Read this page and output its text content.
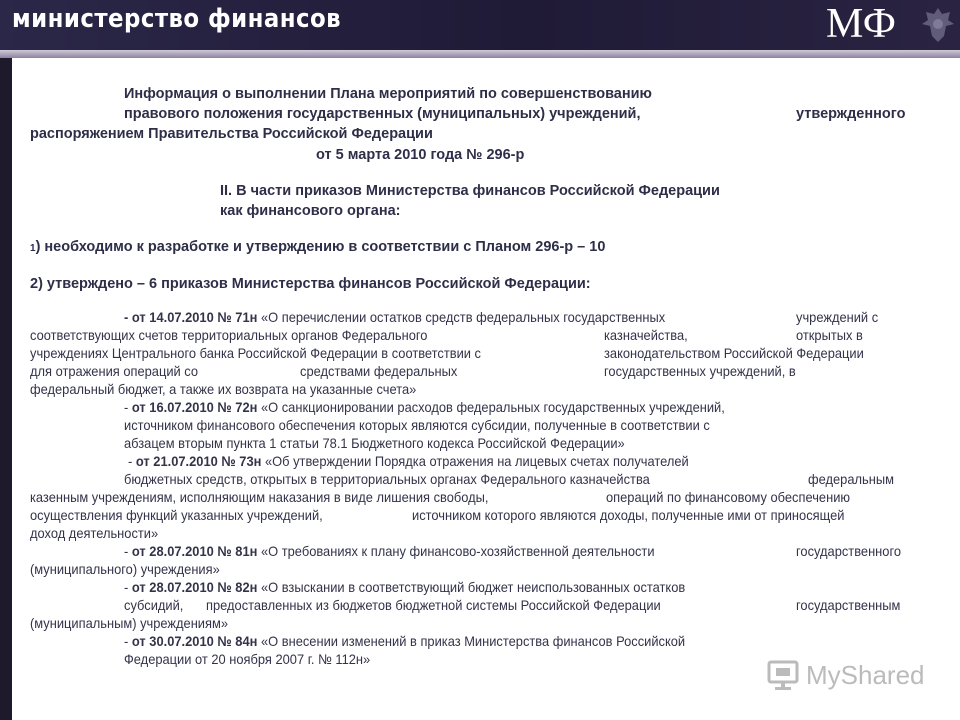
министерство финансов	МФ
Информация о выполнении Плана мероприятий по совершенствованию
правового положения государственных (муниципальных) учреждений,	утвержденного
распоряжением Правительства Российской Федерации
от 5 марта 2010 года № 296-р
II. В части приказов Министерства финансов Российской Федерации
как финансового органа:
1) необходимо к разработке и утверждению в соответствии с Планом 296-р – 10
2) утверждено – 6 приказов Министерства финансов Российской Федерации:
- от 14.07.2010 № 71н «О перечислении остатков средств федеральных государственных	учреждений с
соответствующих счетов территориальных органов Федерального	казначейства,	открытых в
учреждениях Центрального банка Российской Федерации в соответствии с	законодательством Российской Федерации
для отражения операций со	средствами федеральных	государственных учреждений, в
федеральный бюджет, а также их возврата на указанные счета»
- от 16.07.2010 № 72н «О санкционировании расходов федеральных государственных учреждений,
источником финансового обеспечения которых являются субсидии, полученные в соответствии с
абзацем вторым пункта 1 статьи 78.1 Бюджетного кодекса Российской Федерации»
- от 21.07.2010 № 73н «Об утверждении Порядка отражения на лицевых счетах получателей
бюджетных средств, открытых в территориальных органах Федерального казначейства	федеральным
казенным учреждениям, исполняющим наказания в виде лишения свободы,	операций по финансовому обеспечению
осуществления функций указанных учреждений,	источником которого являются доходы, полученные ими от приносящей
доход деятельности»
- от 28.07.2010 № 81н «О требованиях к плану финансово-хозяйственной деятельности	государственного
(муниципального) учреждения»
- от 28.07.2010 № 82н «О взыскании в соответствующий бюджет неиспользованных остатков
субсидий, предоставленных из бюджетов бюджетной системы Российской Федерации	государственным
(муниципальным) учреждениям»
- от 30.07.2010 № 84н «О внесении изменений в приказ Министерства финансов Российской
Федерации от 20 ноября 2007 г. № 112н»
MyShared
